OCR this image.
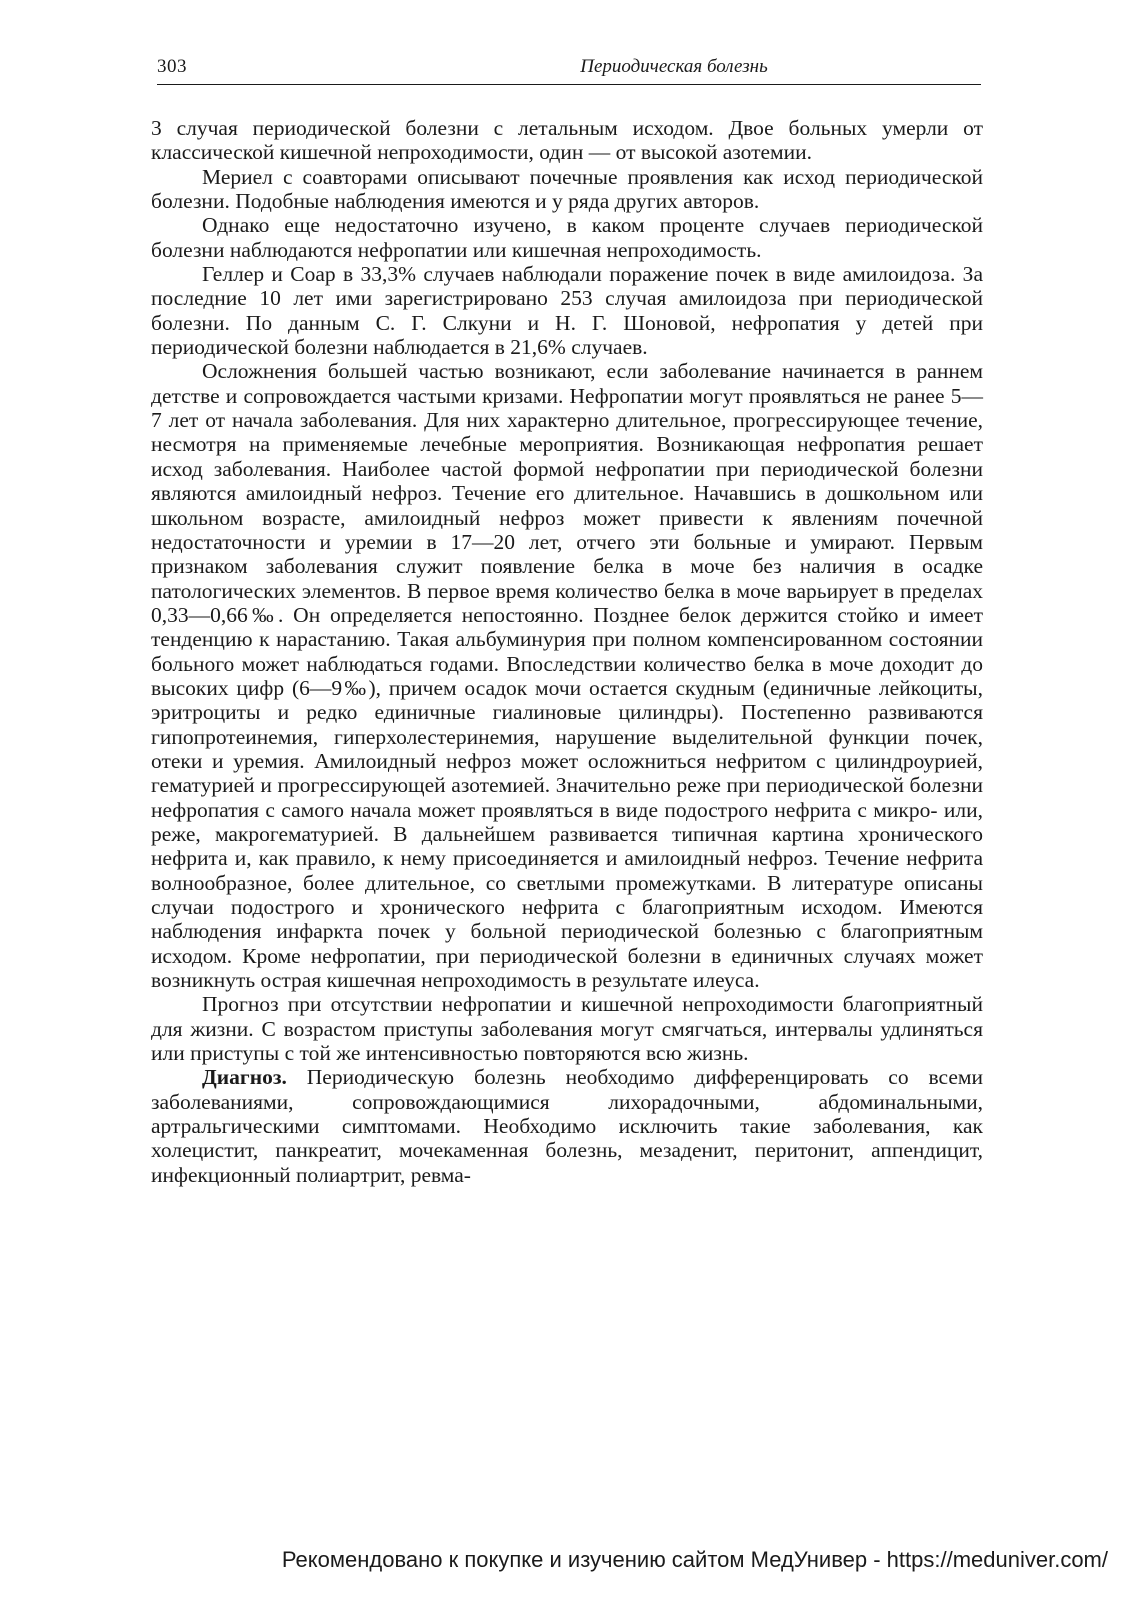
303	Периодическая болезнь

3 случая периодической болезни с летальным исходом. Двое больных умерли от классической кишечной непроходимости, один — от высокой азотемии.

Мериел с соавторами описывают почечные проявления как исход периодической болезни. Подобные наблюдения имеются и у ряда других авторов.

Однако еще недостаточно изучено, в каком проценте случаев периодической болезни наблюдаются нефропатии или кишечная непроходимость.

Геллер и Соар в 33,3% случаев наблюдали поражение почек в виде амилоидоза. За последние 10 лет ими зарегистрировано 253 случая амилоидоза при периодической болезни. По данным С. Г. Слкуни и Н. Г. Шоновой, нефропатия у детей при периодической болезни наблюдается в 21,6% случаев.

Осложнения большей частью возникают, если заболевание начинается в раннем детстве и сопровождается частыми кризами. Нефропатии могут проявляться не ранее 5—7 лет от начала заболевания. Для них характерно длительное, прогрессирующее течение, несмотря на применяемые лечебные мероприятия. Возникающая нефропатия решает исход заболевания. Наиболее частой формой нефропатии при периодической болезни являются амилоидный нефроз. Течение его длительное. Начавшись в дошкольном или школьном возрасте, амилоидный нефроз может привести к явлениям почечной недостаточности и уремии в 17—20 лет, отчего эти больные и умирают. Первым признаком заболевания служит появление белка в моче без наличия в осадке патологических элементов. В первое время количество белка в моче варьирует в пределах 0,33—0,66‰. Он определяется непостоянно. Позднее белок держится стойко и имеет тенденцию к нарастанию. Такая альбуминурия при полном компенсированном состоянии больного может наблюдаться годами. Впоследствии количество белка в моче доходит до высоких цифр (6—9‰), причем осадок мочи остается скудным (единичные лейкоциты, эритроциты и редко единичные гиалиновые цилиндры). Постепенно развиваются гипопротеинемия, гиперхолестеринемия, нарушение выделительной функции почек, отеки и уремия. Амилоидный нефроз может осложниться нефритом с цилиндроурией, гематурией и прогрессирующей азотемией. Значительно реже при периодической болезни нефропатия с самого начала может проявляться в виде подострого нефрита с микро- или, реже, макрогематурией. В дальнейшем развивается типичная картина хронического нефрита и, как правило, к нему присоединяется и амилоидный нефроз. Течение нефрита волнообразное, более длительное, со светлыми промежутками. В литературе описаны случаи подострого и хронического нефрита с благоприятным исходом. Имеются наблюдения инфаркта почек у больной периодической болезнью с благоприятным исходом. Кроме нефропатии, при периодической болезни в единичных случаях может возникнуть острая кишечная непроходимость в результате илеуса.

Прогноз при отсутствии нефропатии и кишечной непроходимости благоприятный для жизни. С возрастом приступы заболевания могут смягчаться, интервалы удлиняться или приступы с той же интенсивностью повторяются всю жизнь.

Диагноз. Периодическую болезнь необходимо дифференцировать со всеми заболеваниями, сопровождающимися лихорадочными, абдоминальными, артральгическими симптомами. Необходимо исключить такие заболевания, как холецистит, панкреатит, мочекаменная болезнь, мезаденит, перитонит, аппендицит, инфекционный полиартрит, ревма-

Рекомендовано к покупке и изучению сайтом МедУнивер - https://meduniver.com/
